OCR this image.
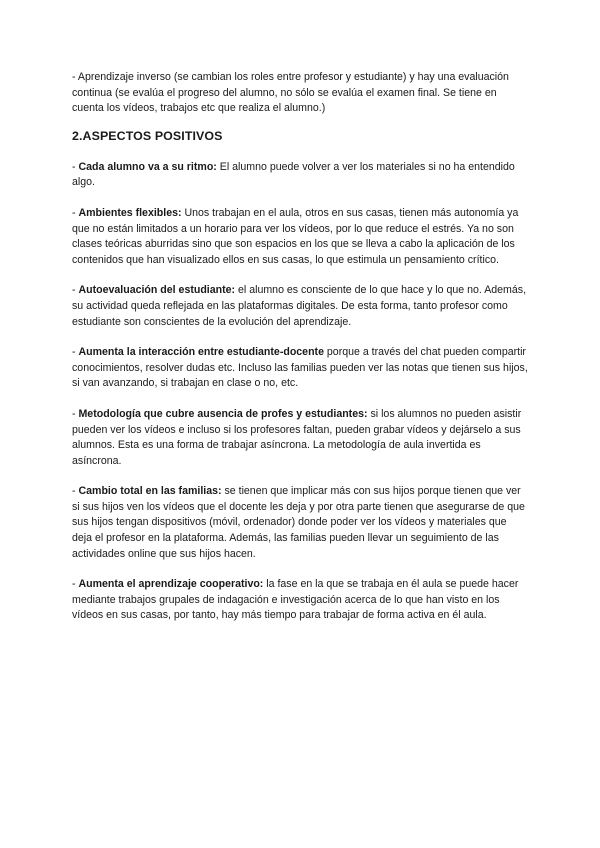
- Aprendizaje inverso (se cambian los roles entre profesor y estudiante) y hay una evaluación continua (se evalúa el progreso del alumno, no sólo se evalúa el examen final. Se tiene en cuenta los vídeos, trabajos etc que realiza el alumno.)

2.ASPECTOS POSITIVOS

- Cada alumno va a su ritmo: El alumno puede volver a ver los materiales si no ha entendido algo.

- Ambientes flexibles: Unos trabajan en el aula, otros en sus casas, tienen más autonomía ya que no están limitados a un horario para ver los vídeos, por lo que reduce el estrés. Ya no son clases teóricas aburridas sino que son espacios en los que se lleva a cabo la aplicación de los contenidos que han visualizado ellos en sus casas, lo que estimula un pensamiento crítico.

- Autoevaluación del estudiante: el alumno es consciente de lo que hace y lo que no. Además, su actividad queda reflejada en las plataformas digitales. De esta forma, tanto profesor como estudiante son conscientes de la evolución del aprendizaje.

- Aumenta la interacción entre estudiante-docente porque a través del chat pueden compartir conocimientos, resolver dudas etc. Incluso las familias pueden ver las notas que tienen sus hijos, si van avanzando, si trabajan en clase o no, etc.

- Metodología que cubre ausencia de profes y estudiantes: si los alumnos no pueden asistir pueden ver los vídeos e incluso si los profesores faltan, pueden grabar vídeos y dejárselo a sus alumnos. Esta es una forma de trabajar asíncrona. La metodología de aula invertida es asíncrona.

- Cambio total en las familias: se tienen que implicar más con sus hijos porque tienen que ver si sus hijos ven los vídeos que el docente les deja y por otra parte tienen que asegurarse de que sus hijos tengan dispositivos (móvil, ordenador) donde poder ver los vídeos y materiales que deja el profesor en la plataforma. Además, las familias pueden llevar un seguimiento de las actividades online que sus hijos hacen.

- Aumenta el aprendizaje cooperativo: la fase en la que se trabaja en él aula se puede hacer mediante trabajos grupales de indagación e investigación acerca de lo que han visto en los vídeos en sus casas, por tanto, hay más tiempo para trabajar de forma activa en él aula.
